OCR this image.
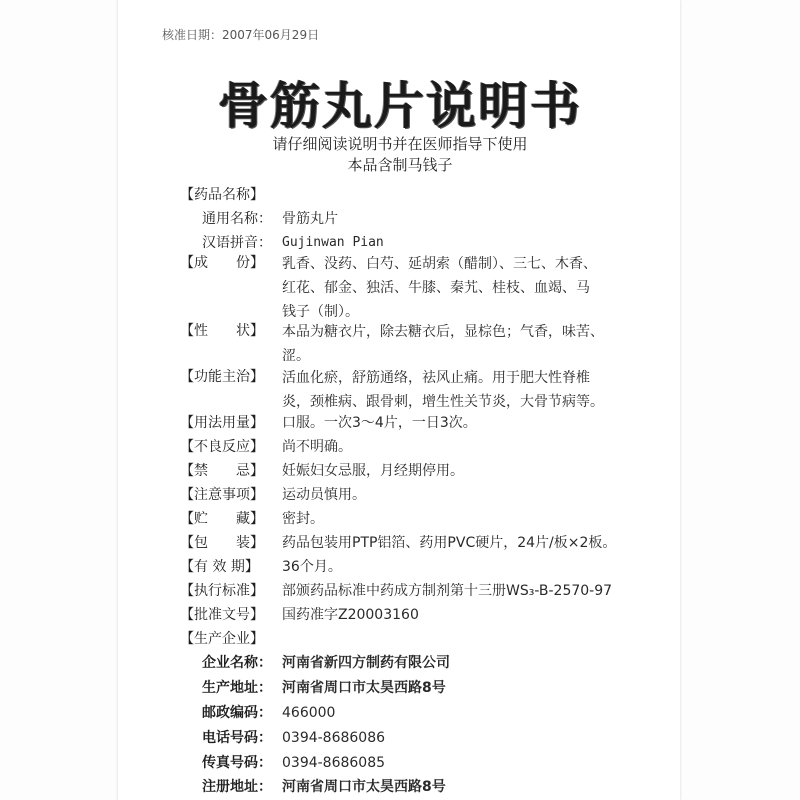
核准日期：2007年06月29日
骨筋丸片说明书
请仔细阅读说明书并在医师指导下使用
本品含制马钱子
【药品名称】
通用名称： 骨筋丸片
汉语拼音： Gujinwan Pian
【成　　份】 乳香、没药、白芍、延胡索（醋制）、三七、木香、
红花、郁金、独活、牛膝、秦艽、桂枝、血竭、马
钱子（制）。
【性　　状】 本品为糖衣片，除去糖衣后，显棕色；气香，味苦、
涩。
【功能主治】 活血化瘀，舒筋通络，祛风止痛。用于肥大性脊椎
炎，颈椎病、跟骨刺，增生性关节炎，大骨节病等。
【用法用量】 口服。一次3～4片，一日3次。
【不良反应】 尚不明确。
【禁　　忌】 妊娠妇女忌服，月经期停用。
【注意事项】 运动员慎用。
【贮　　藏】 密封。
【包　　装】 药品包装用PTP铝箔、药用PVC硬片，24片/板×2板。
【有 效 期】 36个月。
【执行标准】 部颁药品标准中药成方制剂第十三册WS₃-B-2570-97
【批准文号】 国药准字Z20003160
【生产企业】
企业名称： 河南省新四方制药有限公司
生产地址： 河南省周口市太昊西路8号
邮政编码： 466000
电话号码： 0394-8686086
传真号码： 0394-8686085
注册地址： 河南省周口市太昊西路8号
